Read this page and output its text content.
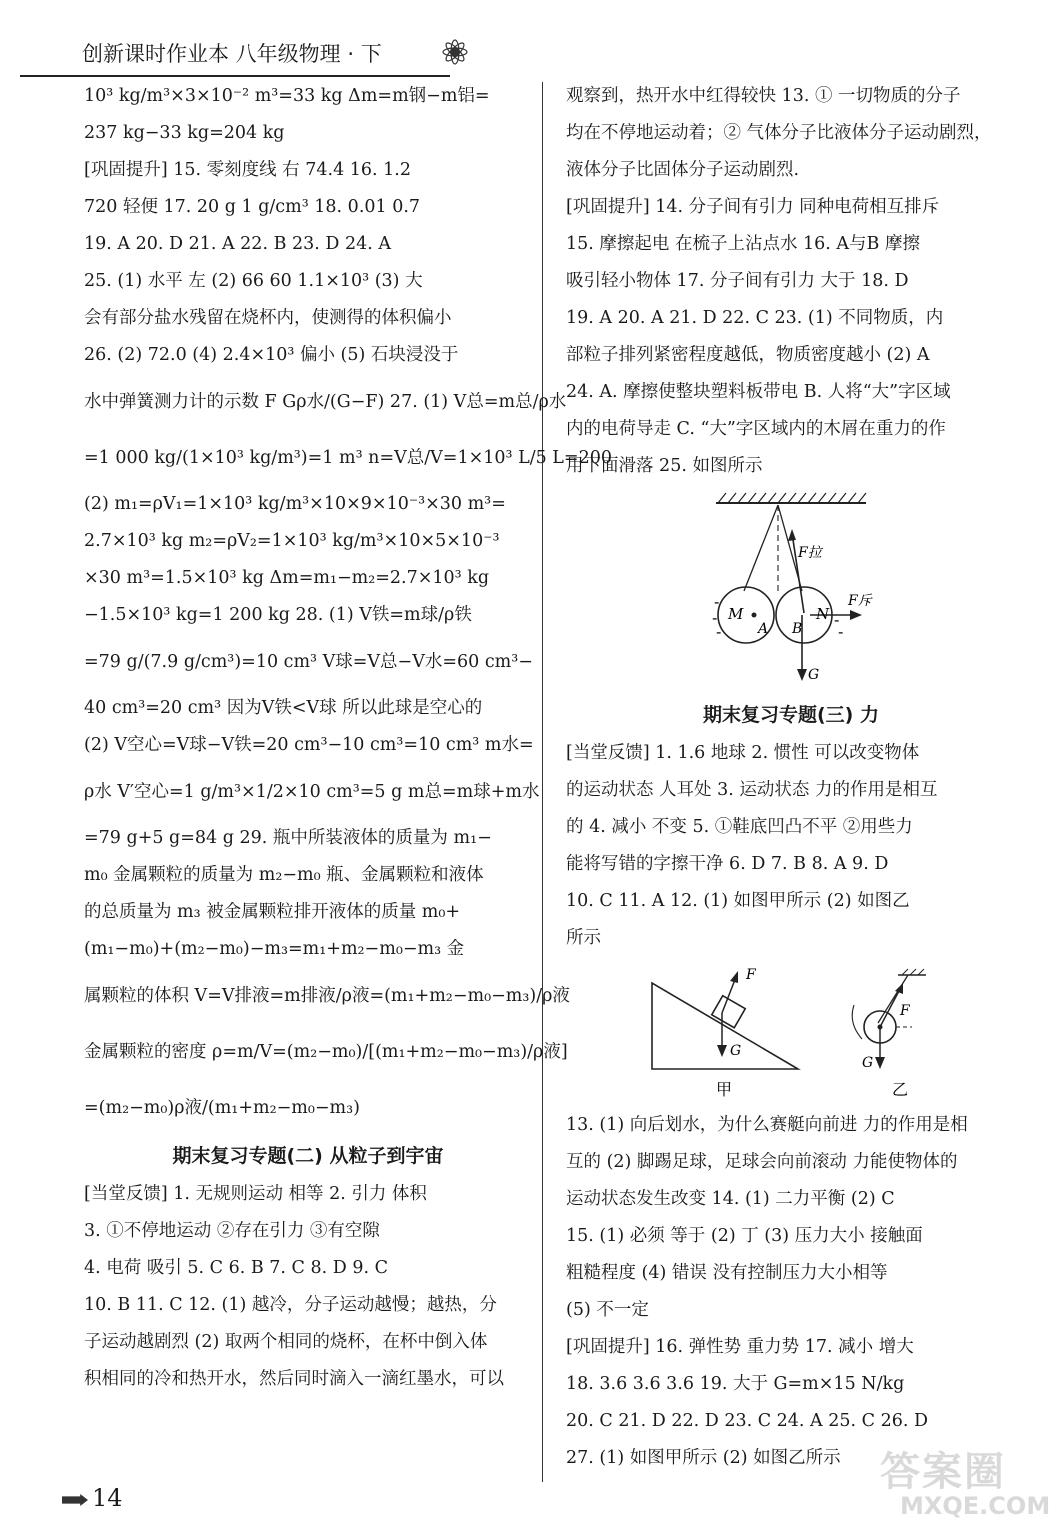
创新课时作业本 八年级物理 · 下
10³ kg/m³×3×10⁻² m³=33 kg Δm=m钢−m铝=
237 kg−33 kg=204 kg
[巩固提升] 15. 零刻度线 右 74.4 16. 1.2
720 轻便 17. 20 g 1 g/cm³ 18. 0.01 0.7
19. A 20. D 21. A 22. B 23. D 24. A
25. (1) 水平 左 (2) 66 60 1.1×10³ (3) 大
会有部分盐水残留在烧杯内，使测得的体积偏小
26. (2) 72.0 (4) 2.4×10³ 偏小 (5) 石块浸没于
水中弹簧测力计的示数 F Gρ水/(G−F) 27. (1) V总=m总/ρ水
=1 000 kg/(1×10³ kg/m³)=1 m³ n=V总/V=1×10³ L/5 L=200
(2) m₁=ρV₁=1×10³ kg/m³×10×9×10⁻³×30 m³=
2.7×10³ kg m₂=ρV₂=1×10³ kg/m³×10×5×10⁻³
×30 m³=1.5×10³ kg Δm=m₁−m₂=2.7×10³ kg
−1.5×10³ kg=1 200 kg 28. (1) V铁=m球/ρ铁
=79 g/(7.9 g/cm³)=10 cm³ V球=V总−V水=60 cm³−
40 cm³=20 cm³ 因为V铁<V球 所以此球是空心的
(2) V空心=V球−V铁=20 cm³−10 cm³=10 cm³ m水=
ρ水 V′空心=1 g/m³×1/2×10 cm³=5 g m总=m球+m水
=79 g+5 g=84 g 29. 瓶中所装液体的质量为 m₁−
m₀ 金属颗粒的质量为 m₂−m₀ 瓶、金属颗粒和液体
的总质量为 m₃ 被金属颗粒排开液体的质量 m₀+
(m₁−m₀)+(m₂−m₀)−m₃=m₁+m₂−m₀−m₃ 金
属颗粒的体积 V=V排液=m排液/ρ液=(m₁+m₂−m₀−m₃)/ρ液
金属颗粒的密度 ρ=m/V=(m₂−m₀)/[(m₁+m₂−m₀−m₃)/ρ液]
=(m₂−m₀)ρ液/(m₁+m₂−m₀−m₃)
期末复习专题(二) 从粒子到宇宙
[当堂反馈] 1. 无规则运动 相等 2. 引力 体积
3. ①不停地运动 ②存在引力 ③有空隙
4. 电荷 吸引 5. C 6. B 7. C 8. D 9. C
10. B 11. C 12. (1) 越冷，分子运动越慢；越热，分
子运动越剧烈 (2) 取两个相同的烧杯，在杯中倒入体
积相同的冷和热开水，然后同时滴入一滴红墨水，可以
观察到，热开水中红得较快 13. ① 一切物质的分子
均在不停地运动着；② 气体分子比液体分子运动剧烈，
液体分子比固体分子运动剧烈.
[巩固提升] 14. 分子间有引力 同种电荷相互排斥
15. 摩擦起电 在梳子上沾点水 16. A与B 摩擦
吸引轻小物体 17. 分子间有引力 大于 18. D
19. A 20. A 21. D 22. C 23. (1) 不同物质，内
部粒子排列紧密程度越低，物质密度越小 (2) A
24. A. 摩擦使整块塑料板带电 B. 人将“大”字区域
内的电荷导走 C. “大”字区域内的木屑在重力的作
用下面滑落 25. 如图所示
-
-
-
-
-
F拉
F斥
M
A B
N
G
期末复习专题(三) 力
[当堂反馈] 1. 1.6 地球 2. 惯性 可以改变物体
的运动状态 人耳处 3. 运动状态 力的作用是相互
的 4. 减小 不变 5. ①鞋底凹凸不平 ②用些力
能将写错的字擦干净 6. D 7. B 8. A 9. D
10. C 11. A 12. (1) 如图甲所示 (2) 如图乙
所示
F
G
甲
F
G
乙
13. (1) 向后划水，为什么赛艇向前进 力的作用是相
互的 (2) 脚踢足球，足球会向前滚动 力能使物体的
运动状态发生改变 14. (1) 二力平衡 (2) C
15. (1) 必须 等于 (2) 丁 (3) 压力大小 接触面
粗糙程度 (4) 错误 没有控制压力大小相等
(5) 不一定
[巩固提升] 16. 弹性势 重力势 17. 减小 增大
18. 3.6 3.6 3.6 19. 大于 G=m×15 N/kg
20. C 21. D 22. D 23. C 24. A 25. C 26. D
27. (1) 如图甲所示 (2) 如图乙所示
14
答案圈
MXQE.COM
